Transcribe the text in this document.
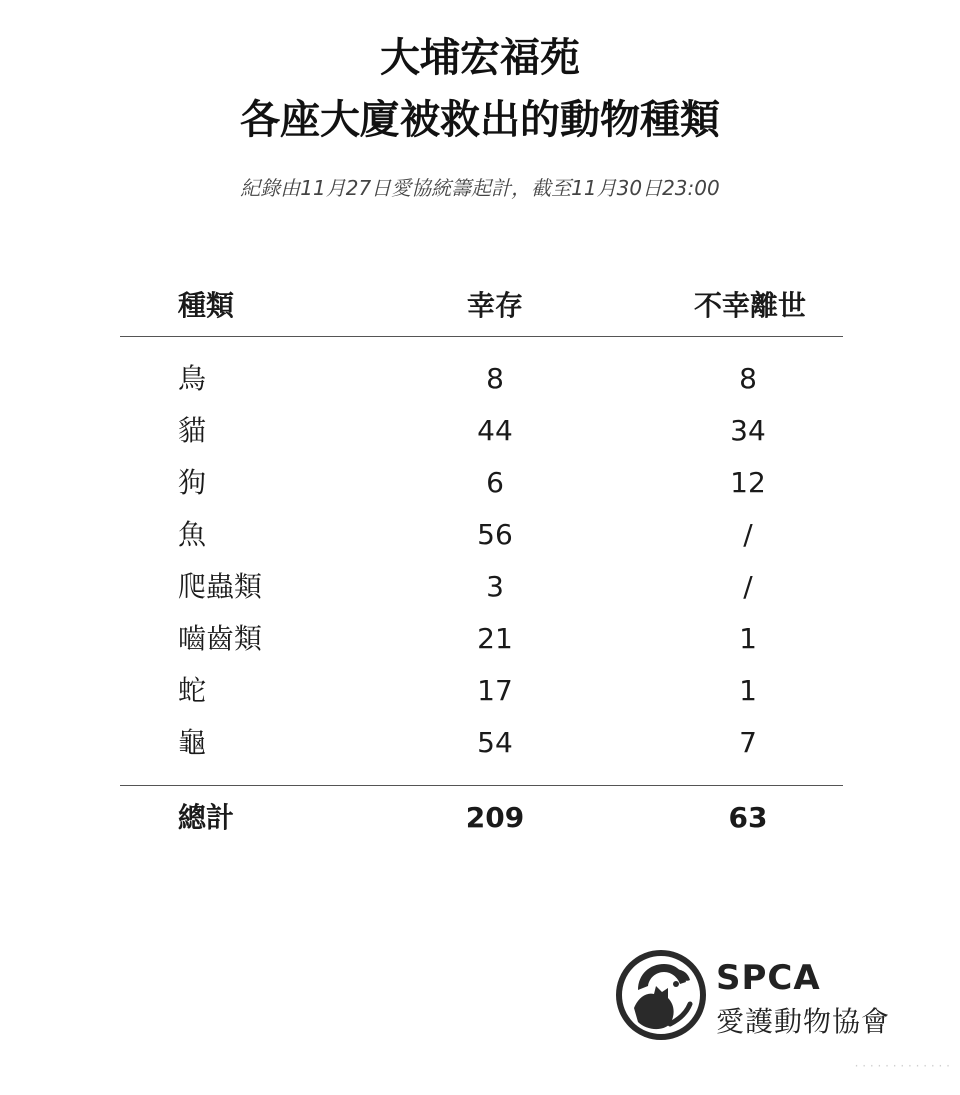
大埔宏福苑
各座大廈被救出的動物種類
紀錄由11月27日愛協統籌起計，截至11月30日23:00
種類	幸存	不幸離世
鳥	8	8
貓	44	34
狗	6	12
魚	56	/
爬蟲類	3	/
嚙齒類	21	1
蛇	17	1
龜	54	7
總計	209	63
SPCA
愛護動物協會
· · · · · · · · · · · · ·
